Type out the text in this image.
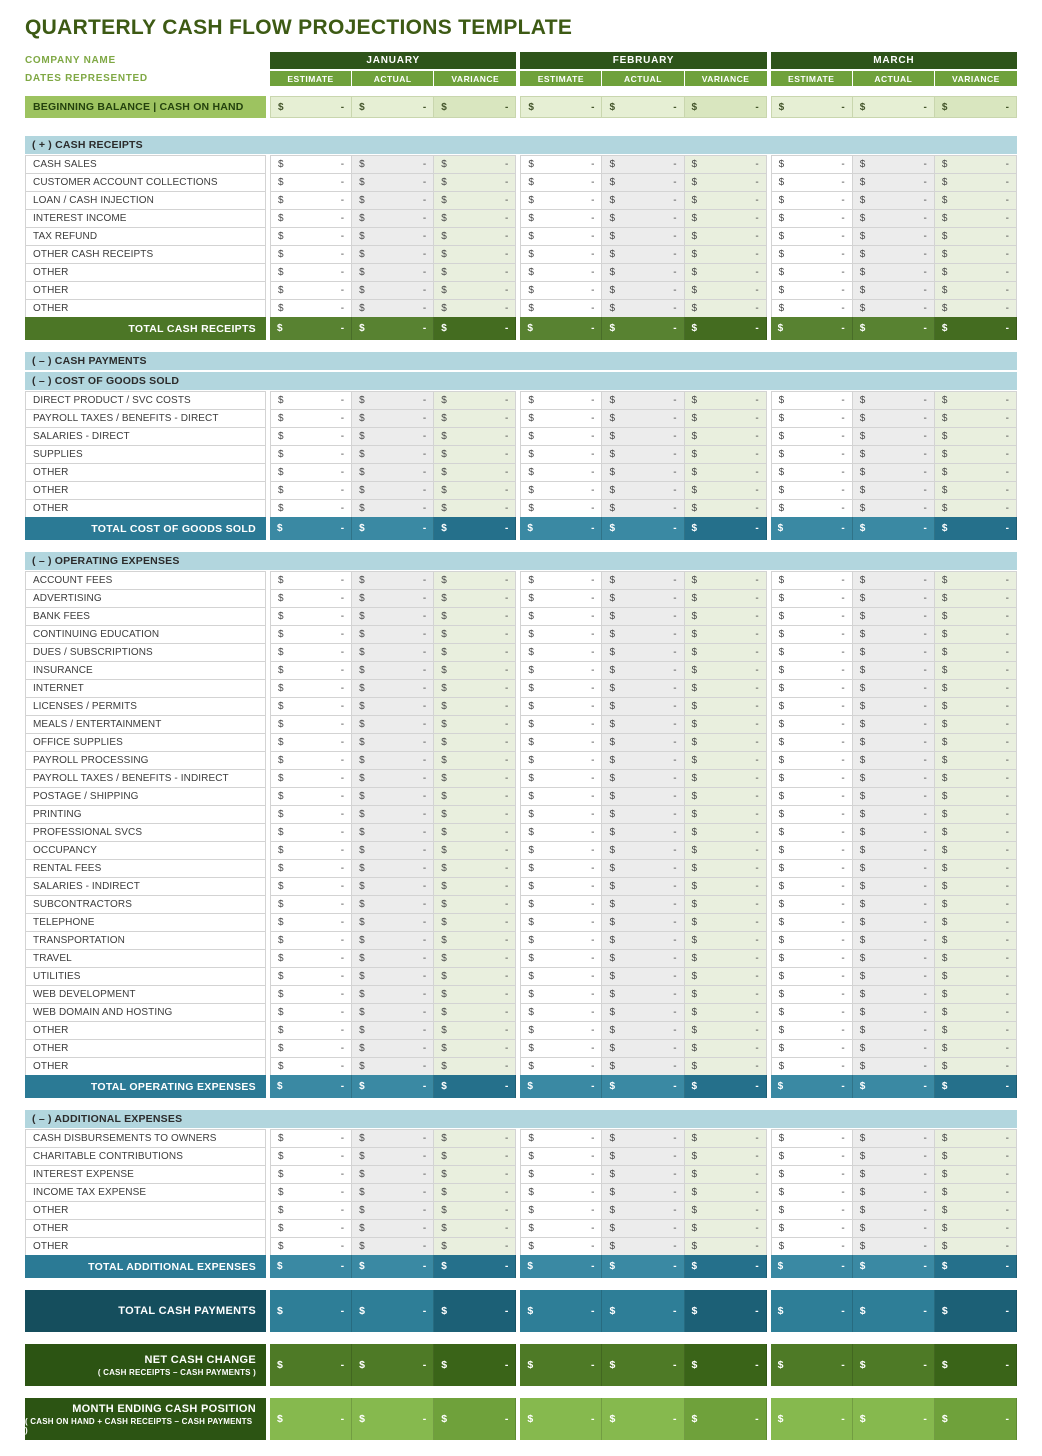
QUARTERLY CASH FLOW PROJECTIONS TEMPLATE
COMPANY NAME	JANUARY	FEBRUARY	MARCH
DATES REPRESENTED	ESTIMATE	ACTUAL	VARIANCE	ESTIMATE	ACTUAL	VARIANCE	ESTIMATE	ACTUAL	VARIANCE
BEGINNING BALANCE | CASH ON HAND	$	- $	- $	- $	- $	- $	- $	- $	- $	-
( + ) CASH RECEIPTS
CASH SALES	$	- $	- $	- $	- $	- $	- $	- $	- $	-
CUSTOMER ACCOUNT COLLECTIONS	$	- $	- $	- $	- $	- $	- $	- $	- $	-
LOAN / CASH INJECTION	$	- $	- $	- $	- $	- $	- $	- $	- $	-
INTEREST INCOME	$	- $	- $	- $	- $	- $	- $	- $	- $	-
TAX REFUND	$	- $	- $	- $	- $	- $	- $	- $	- $	-
OTHER CASH RECEIPTS	$	- $	- $	- $	- $	- $	- $	- $	- $	-
OTHER	$	- $	- $	- $	- $	- $	- $	- $	- $	-
OTHER	$	- $	- $	- $	- $	- $	- $	- $	- $	-
OTHER	$	- $	- $	- $	- $	- $	- $	- $	- $	-
TOTAL CASH RECEIPTS	$	- $	- $	- $	- $	- $	- $	- $	- $	-
( – ) CASH PAYMENTS
( – ) COST OF GOODS SOLD
DIRECT PRODUCT / SVC COSTS	$	- $	- $	- $	- $	- $	- $	- $	- $	-
PAYROLL TAXES / BENEFITS - DIRECT	$	- $	- $	- $	- $	- $	- $	- $	- $	-
SALARIES - DIRECT	$	- $	- $	- $	- $	- $	- $	- $	- $	-
SUPPLIES	$	- $	- $	- $	- $	- $	- $	- $	- $	-
OTHER	$	- $	- $	- $	- $	- $	- $	- $	- $	-
OTHER	$	- $	- $	- $	- $	- $	- $	- $	- $	-
OTHER	$	- $	- $	- $	- $	- $	- $	- $	- $	-
TOTAL COST OF GOODS SOLD	$	- $	- $	- $	- $	- $	- $	- $	- $	-
( – ) OPERATING EXPENSES
ACCOUNT FEES	$	- $	- $	- $	- $	- $	- $	- $	- $	-
ADVERTISING	$	- $	- $	- $	- $	- $	- $	- $	- $	-
BANK FEES	$	- $	- $	- $	- $	- $	- $	- $	- $	-
CONTINUING EDUCATION	$	- $	- $	- $	- $	- $	- $	- $	- $	-
DUES / SUBSCRIPTIONS	$	- $	- $	- $	- $	- $	- $	- $	- $	-
INSURANCE	$	- $	- $	- $	- $	- $	- $	- $	- $	-
INTERNET	$	- $	- $	- $	- $	- $	- $	- $	- $	-
LICENSES / PERMITS	$	- $	- $	- $	- $	- $	- $	- $	- $	-
MEALS / ENTERTAINMENT	$	- $	- $	- $	- $	- $	- $	- $	- $	-
OFFICE SUPPLIES	$	- $	- $	- $	- $	- $	- $	- $	- $	-
PAYROLL PROCESSING	$	- $	- $	- $	- $	- $	- $	- $	- $	-
PAYROLL TAXES / BENEFITS - INDIRECT	$	- $	- $	- $	- $	- $	- $	- $	- $	-
POSTAGE / SHIPPING	$	- $	- $	- $	- $	- $	- $	- $	- $	-
PRINTING	$	- $	- $	- $	- $	- $	- $	- $	- $	-
PROFESSIONAL SVCS	$	- $	- $	- $	- $	- $	- $	- $	- $	-
OCCUPANCY	$	- $	- $	- $	- $	- $	- $	- $	- $	-
RENTAL FEES	$	- $	- $	- $	- $	- $	- $	- $	- $	-
SALARIES - INDIRECT	$	- $	- $	- $	- $	- $	- $	- $	- $	-
SUBCONTRACTORS	$	- $	- $	- $	- $	- $	- $	- $	- $	-
TELEPHONE	$	- $	- $	- $	- $	- $	- $	- $	- $	-
TRANSPORTATION	$	- $	- $	- $	- $	- $	- $	- $	- $	-
TRAVEL	$	- $	- $	- $	- $	- $	- $	- $	- $	-
UTILITIES	$	- $	- $	- $	- $	- $	- $	- $	- $	-
WEB DEVELOPMENT	$	- $	- $	- $	- $	- $	- $	- $	- $	-
WEB DOMAIN AND HOSTING	$	- $	- $	- $	- $	- $	- $	- $	- $	-
OTHER	$	- $	- $	- $	- $	- $	- $	- $	- $	-
OTHER	$	- $	- $	- $	- $	- $	- $	- $	- $	-
OTHER	$	- $	- $	- $	- $	- $	- $	- $	- $	-
TOTAL OPERATING EXPENSES	$	- $	- $	- $	- $	- $	- $	- $	- $	-
( – ) ADDITIONAL EXPENSES
CASH DISBURSEMENTS TO OWNERS	$	- $	- $	- $	- $	- $	- $	- $	- $	-
CHARITABLE CONTRIBUTIONS	$	- $	- $	- $	- $	- $	- $	- $	- $	-
INTEREST EXPENSE	$	- $	- $	- $	- $	- $	- $	- $	- $	-
INCOME TAX EXPENSE	$	- $	- $	- $	- $	- $	- $	- $	- $	-
OTHER	$	- $	- $	- $	- $	- $	- $	- $	- $	-
OTHER	$	- $	- $	- $	- $	- $	- $	- $	- $	-
OTHER	$	- $	- $	- $	- $	- $	- $	- $	- $	-
TOTAL ADDITIONAL EXPENSES	$	- $	- $	- $	- $	- $	- $	- $	- $	-
TOTAL CASH PAYMENTS $	- $	- $	- $	- $	- $	- $	- $	- $	-
NET CASH CHANGE
( CASH RECEIPTS – CASH PAYMENTS )
$	- $	- $	- $	- $	- $	- $	- $	- $	-
MONTH ENDING CASH POSITION
( CASH ON HAND + CASH RECEIPTS – CASH PAYMENTS )
$	- $	- $	- $	- $	- $	- $	- $	- $	-
